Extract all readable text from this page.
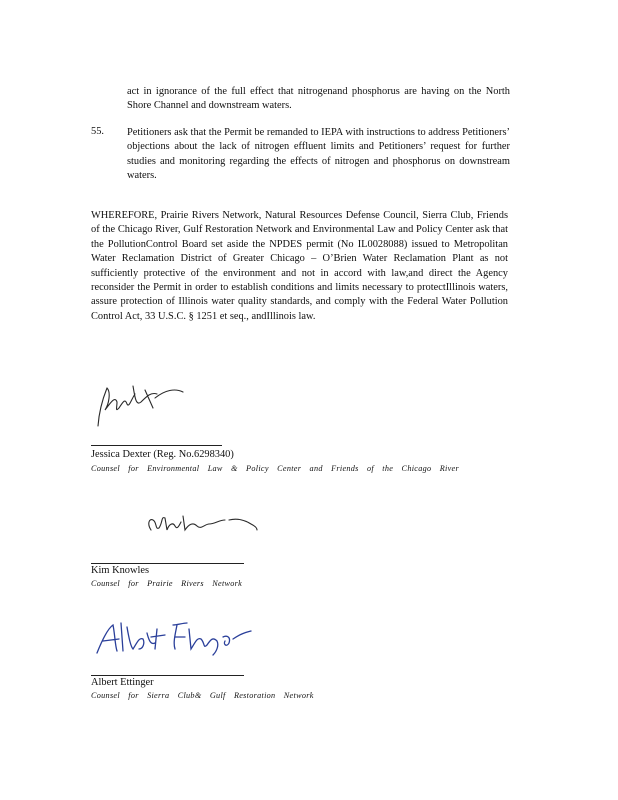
act in ignorance of the full effect that nitrogenand phosphorus are having on the North Shore Channel and downstream waters.
55. Petitioners ask that the Permit be remanded to IEPA with instructions to address Petitioners’ objections about the lack of nitrogen effluent limits and Petitioners’ request for further studies and monitoring regarding the effects of nitrogen and phosphorus on downstream waters.
WHEREFORE, Prairie Rivers Network, Natural Resources Defense Council, Sierra Club, Friends of the Chicago River, Gulf Restoration Network and Environmental Law and Policy Center ask that the PollutionControl Board set aside the NPDES permit (No IL0028088) issued to Metropolitan Water Reclamation District of Greater Chicago – O’Brien Water Reclamation Plant as not sufficiently protective of the environment and not in accord with law,and direct the Agency reconsider the Permit in order to establish conditions and limits necessary to protectIllinois waters, assure protection of Illinois water quality standards, and comply with the Federal Water Pollution Control Act, 33 U.S.C. § 1251 et seq., andIllinois law.
Jessica Dexter (Reg. No.6298340)
Counsel for Environmental Law & Policy Center and Friends of the Chicago River
Kim Knowles
Counsel for Prairie Rivers Network
Albert Ettinger
Counsel for Sierra Club& Gulf Restoration Network
